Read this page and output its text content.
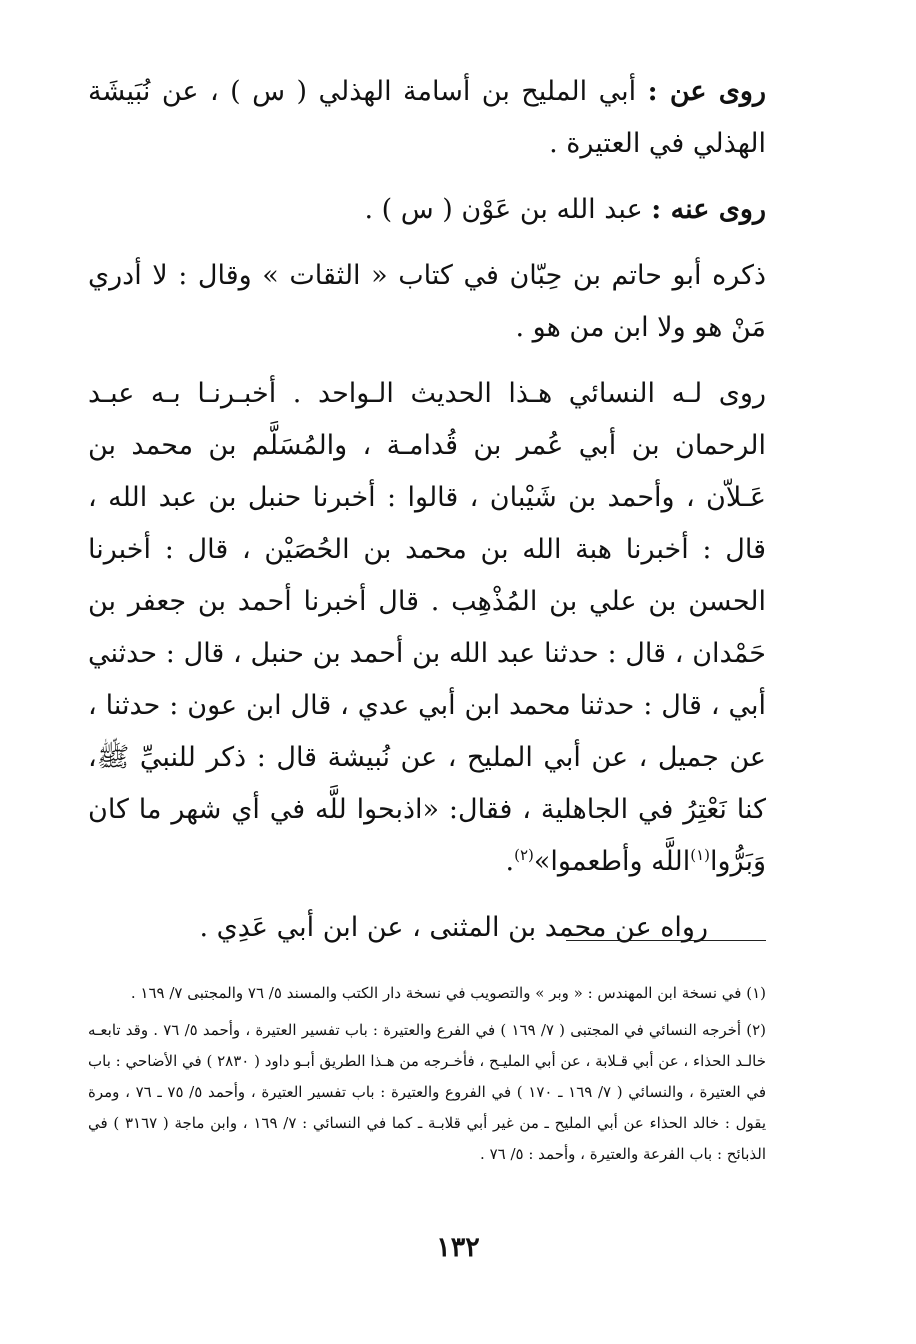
روى عن : أبي المليح بن أسامة الهذلي ( س ) ، عن نُبَيشَة الهذلي في العتيرة .

روى عنه : عبد الله بن عَوْن ( س ) .

ذكره أبو حاتم بن حِبّان في كتاب « الثقات » وقال : لا أدري مَنْ هو ولا ابن من هو .

روى لـه النسائي هـذا الحديث الـواحد . أخبـرنـا بـه عبـد الرحمان بن أبي عُمر بن قُدامـة ، والمُسَلَّم بن محمد بن عَـلاّن ، وأحمد بن شَيْبان ، قالوا : أخبرنا حنبل بن عبد الله ، قال : أخبرنا هبة الله بن محمد بن الحُصَيْن ، قال : أخبرنا الحسن بن علي بن المُذْهِب . قال أخبرنا أحمد بن جعفر بن حَمْدان ، قال : حدثنا عبد الله بن أحمد بن حنبل ، قال : حدثني أبي ، قال : حدثنا محمد ابن أبي عدي ، قال ابن عون : حدثنا ، عن جميل ، عن أبي المليح ، عن نُبيشة قال : ذكر للنبيِّ ﷺ، كنا نَعْتِرُ في الجاهلية ، فقال: «اذبحوا للَّه في أي شهر ما كان وَبَرُّوا$^{(١)}$اللَّه وأطعموا»$^{(٢)}$.

رواه عن محمد بن المثنى ، عن ابن أبي عَدِي .

(١) في نسخة ابن المهندس : « وبر » والتصويب في نسخة دار الكتب والمسند ٥/ ٧٦ والمجتبى ٧/ ١٦٩ .

(٢) أخرجه النسائي في المجتبى ( ٧/ ١٦٩ ) في الفرع والعتيرة : باب تفسير العتيرة ، وأحمد ٥/ ٧٦ . وقد تابعـه خالـد الحذاء ، عن أبي قـلابة ، عن أبي المليـح ، فأخـرجه من هـذا الطريق أبـو داود ( ٢٨٣٠ ) في الأضاحي : باب في العتيرة ، والنسائي ( ٧/ ١٦٩ ـ ١٧٠ ) في الفروع والعتيرة : باب تفسير العتيرة ، وأحمد ٥/ ٧٥ ـ ٧٦ ، ومرة يقول : خالد الحذاء عن أبي المليح ـ من غير أبي قلابـة ـ كما في النسائي : ٧/ ١٦٩ ، وابن ماجة ( ٣١٦٧ ) في الذبائح : باب الفرعة والعتيرة ، وأحمد : ٥/ ٧٦ .

١٣٢
